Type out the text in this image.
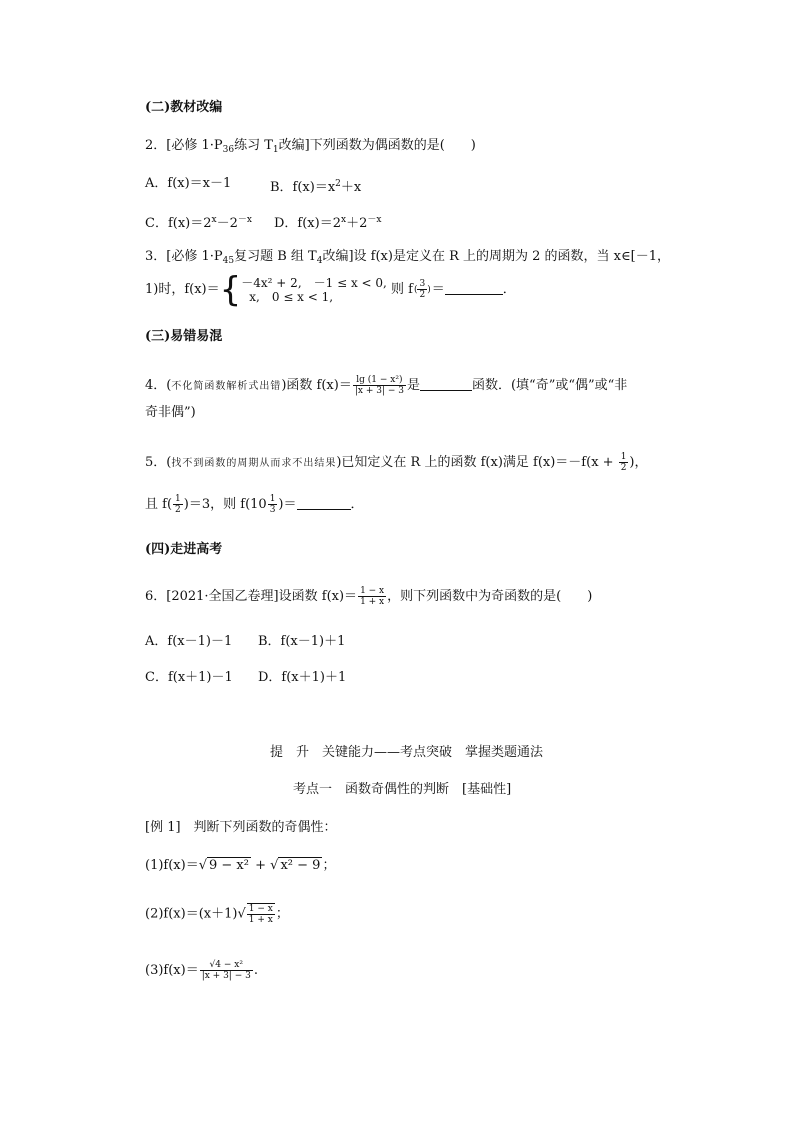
(二)教材改编
2．[必修 $1\cdot P_{36}$练习 $T_1$改编]下列函数为偶函数的是(　　)
A．f(x)＝x－1	B．$f(x)=x^2+x$
C．$f(x)=2^x-2^{-x}$ D．$f(x)=2^x+2^{-x}$
3．[必修 $1\cdot P_{45}$复习题 B 组 $T_4$改编]设 f(x)是定义在 R 上的周期为 2 的函数，当 x∈[－1，
1)时，f(x)＝{ －4x² + 2,　－1 ≤ x < 0,
x,　0 ≤ x < 1,	则 $f( \frac{3}{2}$ )＝	．
(三)易错易混
4．(不化简函数解析式出错)函数 $f(x)= \frac{\text{lg (1 − x²)}}{|x + 3| - 3}$ 是	函数．(填“奇”或“偶”或“非
奇非偶”)
5．(找不到函数的周期从而求不出结果)已知定义在 R 上的函数 f(x)满足 $f(x)=-f(x + \frac{1}{2}$ )，
且 $f( \frac{1}{2} )=3$，则 $f(10 \frac{1}{3}$ )＝	．
(四)走进高考
6．[2021·全国乙卷理]设函数 $f(x)= \frac{1 - x}{1 + x}$ ，则下列函数中为奇函数的是(　　)
A．f(x－1)－1 B．f(x－1)＋1
C．f(x＋1)－1 D．f(x＋1)＋1
提　升　关键能力——考点突破　掌握类题通法
考点一　函数奇偶性的判断　[基础性]
[例 1]　判断下列函数的奇偶性：
(1)f(x)＝√ 9 − x² + √ x² − 9 ；
$(2)f(x)=(x+1)√ \frac{1 - x}{1 + x}$ ；
$(3)f(x)= \frac{\text{√4 − x²}}{|x + 3| - 3}$ .
